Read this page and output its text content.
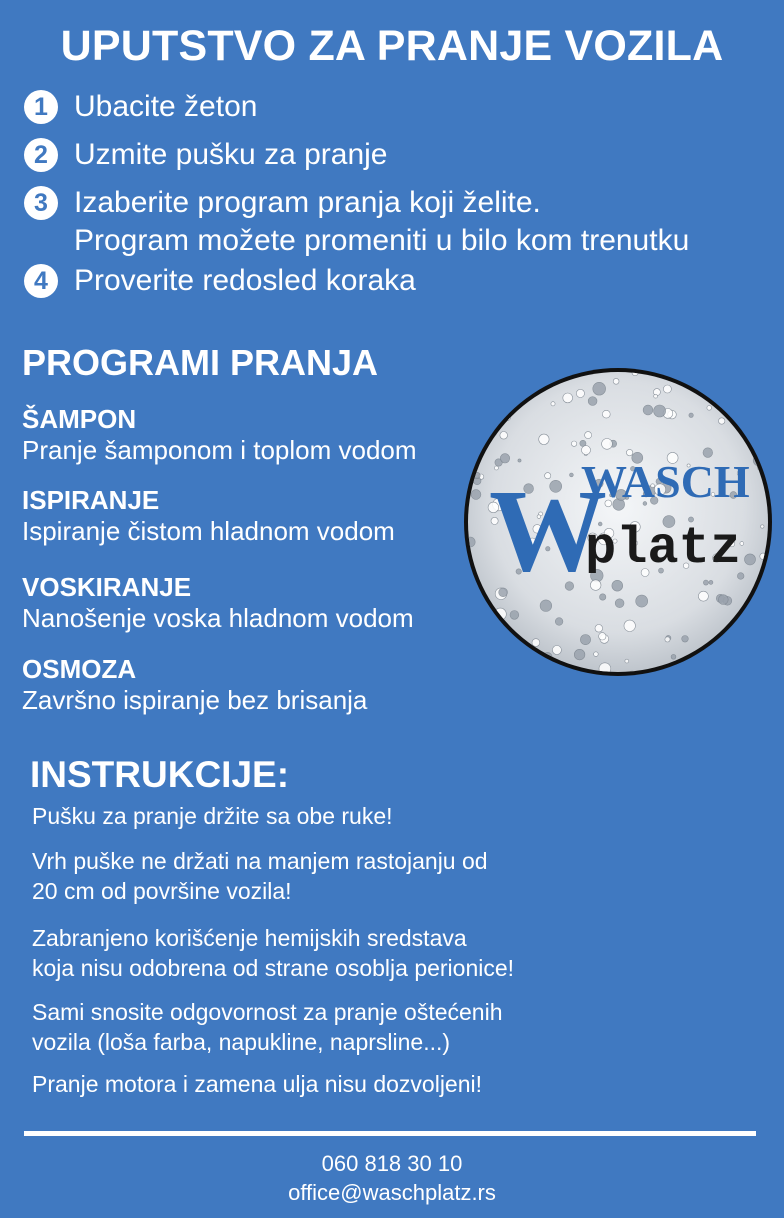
UPUTSTVO ZA PRANJE VOZILA
1 Ubacite žeton
2 Uzmite pušku za pranje
3 Izaberite program pranja koji želite.
Program možete promeniti u bilo kom trenutku
4 Proverite redosled koraka
PROGRAMI PRANJA
ŠAMPON
Pranje šamponom i toplom vodom
ISPIRANJE
Ispiranje čistom hladnom vodom
VOSKIRANJE
Nanošenje voska hladnom vodom
OSMOZA
Završno ispiranje bez brisanja
W
WASCH
platz
INSTRUKCIJE:
Pušku za pranje držite sa obe ruke!
Vrh puške ne držati na manjem rastojanju od
20 cm od površine vozila!
Zabranjeno korišćenje hemijskih sredstava
koja nisu odobrena od strane osoblja perionice!
Sami snosite odgovornost za pranje oštećenih
vozila (loša farba, napukline, naprsline...)
Pranje motora i zamena ulja nisu dozvoljeni!
060 818 30 10
office@waschplatz.rs
